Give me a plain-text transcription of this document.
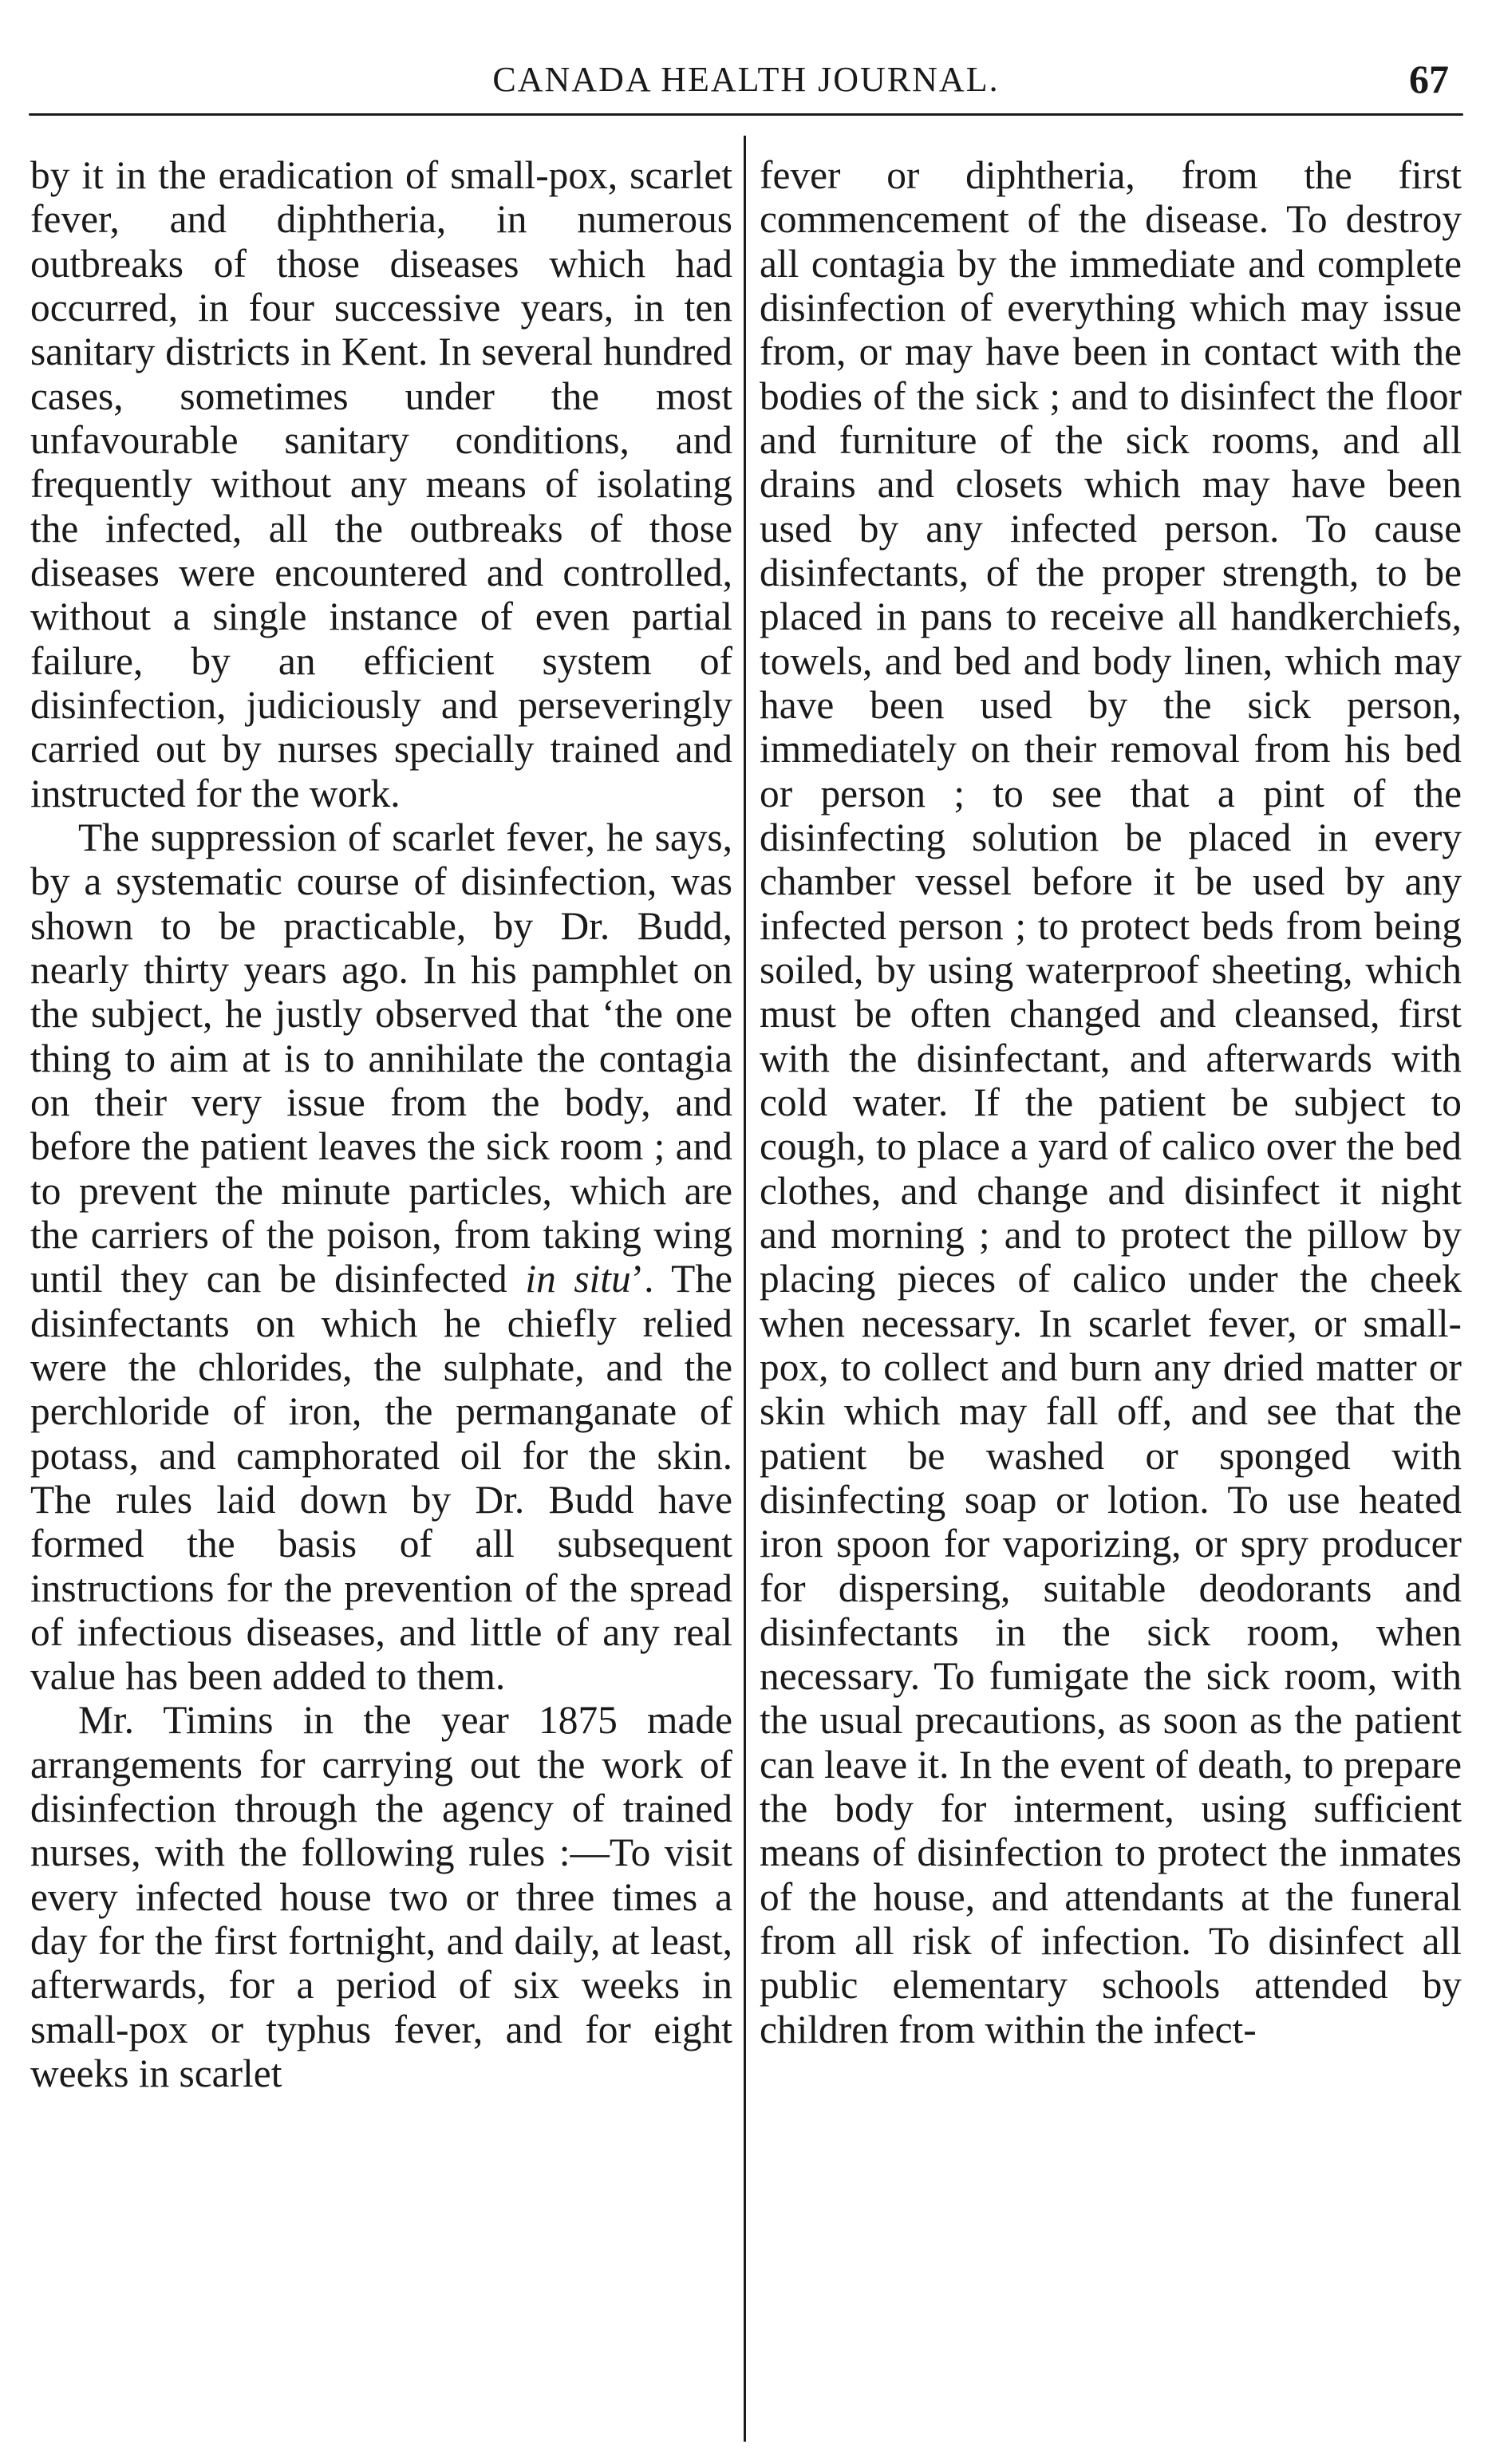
CANADA HEALTH JOURNAL.	67

by it in the eradication of small-pox, scarlet fever, and diphtheria, in numerous outbreaks of those diseases which had occurred, in four successive years, in ten sanitary districts in Kent. In several hundred cases, sometimes under the most unfavourable sanitary conditions, and frequently without any means of isolating the infected, all the outbreaks of those diseases were encountered and controlled, without a single instance of even partial failure, by an efficient system of disinfection, judiciously and perseveringly carried out by nurses specially trained and instructed for the work.

The suppression of scarlet fever, he says, by a systematic course of disinfection, was shown to be practicable, by Dr. Budd, nearly thirty years ago. In his pamphlet on the subject, he justly observed that ‘the one thing to aim at is to annihilate the contagia on their very issue from the body, and before the patient leaves the sick room ; and to prevent the minute particles, which are the carriers of the poison, from taking wing until they can be disinfected in situ’. The disinfectants on which he chiefly relied were the chlorides, the sulphate, and the perchloride of iron, the permanganate of potass, and camphorated oil for the skin. The rules laid down by Dr. Budd have formed the basis of all subsequent instructions for the prevention of the spread of infectious diseases, and little of any real value has been added to them.

Mr. Timins in the year 1875 made arrangements for carrying out the work of disinfection through the agency of trained nurses, with the following rules :—To visit every infected house two or three times a day for the first fortnight, and daily, at least, afterwards, for a period of six weeks in small-pox or typhus fever, and for eight weeks in scarlet

fever or diphtheria, from the first commencement of the disease. To destroy all contagia by the immediate and complete disinfection of everything which may issue from, or may have been in contact with the bodies of the sick ; and to disinfect the floor and furniture of the sick rooms, and all drains and closets which may have been used by any infected person. To cause disinfectants, of the proper strength, to be placed in pans to receive all handkerchiefs, towels, and bed and body linen, which may have been used by the sick person, immediately on their removal from his bed or person ; to see that a pint of the disinfecting solution be placed in every chamber vessel before it be used by any infected person ; to protect beds from being soiled, by using waterproof sheeting, which must be often changed and cleansed, first with the disinfectant, and afterwards with cold water. If the patient be subject to cough, to place a yard of calico over the bed clothes, and change and disinfect it night and morning ; and to protect the pillow by placing pieces of calico under the cheek when necessary. In scarlet fever, or small-pox, to collect and burn any dried matter or skin which may fall off, and see that the patient be washed or sponged with disinfecting soap or lotion. To use heated iron spoon for vaporizing, or spry producer for dispersing, suitable deodorants and disinfectants in the sick room, when necessary. To fumigate the sick room, with the usual precautions, as soon as the patient can leave it. In the event of death, to prepare the body for interment, using sufficient means of disinfection to protect the inmates of the house, and attendants at the funeral from all risk of infection. To disinfect all public elementary schools attended by children from within the infect-
